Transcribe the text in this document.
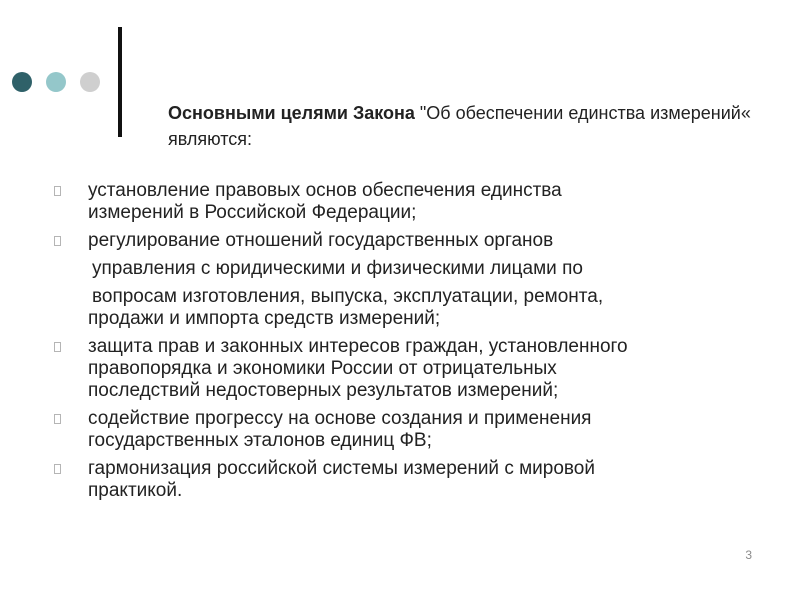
Основными целями Закона "Об обеспечении единства измерений« являются:
установление правовых основ обеспечения единства
измерений в Российской Федерации;
регулирование отношений государственных органов
управления с юридическими и физическими лицами по
вопросам изготовления, выпуска, эксплуатации, ремонта,
продажи и импорта средств измерений;
защита прав и законных интересов граждан, установленного
правопорядка и экономики России от отрицательных
последствий недостоверных результатов измерений;
содействие прогрессу на основе создания и применения
государственных эталонов единиц ФВ;
гармонизация российской системы измерений с мировой
практикой.
3
